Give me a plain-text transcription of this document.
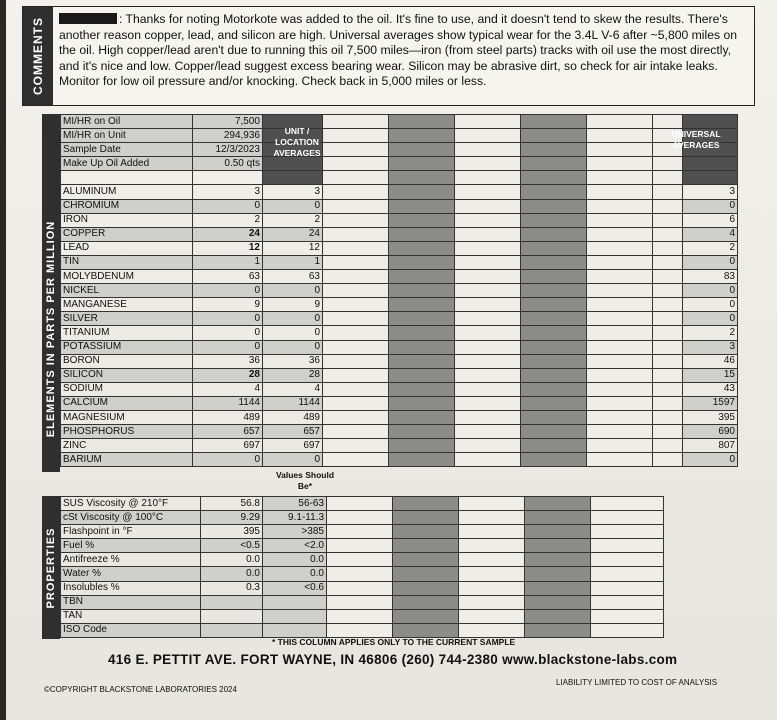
COMMENTS	: Thanks for noting Motorkote was added to the oil. It's fine to use, and it doesn't tend to skew the results. There's another reason copper, lead, and silicon are high. Universal averages show typical wear for the 3.4L V-6 after ~5,800 miles on the oil. High copper/lead aren't due to running this oil 7,500 miles—iron (from steel parts) tracks with oil use the most directly, and it's nice and low. Copper/lead suggest excess bearing wear. Silicon may be abrasive dirt, so check for air intake leaks. Monitor for low oil pressure and/or knocking. Check back in 5,000 miles or less.
ELEMENTS IN PARTS PER MILLION
MI/HR on Oil	7,500								
MI/HR on Unit	294,936								
Sample Date	12/3/2023								
Make Up Oil Added	0.50 qts								

ALUMINUM	3	3							3
CHROMIUM	0	0							0
IRON	2	2							6
COPPER	24	24							4
LEAD	12	12							2
TIN	1	1							0
MOLYBDENUM	63	63							83
NICKEL	0	0							0
MANGANESE	9	9							0
SILVER	0	0							0
TITANIUM	0	0							2
POTASSIUM	0	0							3
BORON	36	36							46
SILICON	28	28							15
SODIUM	4	4							43
CALCIUM	1144	1144							1597
MAGNESIUM	489	489							395
PHOSPHORUS	657	657							690
ZINC	697	697							807
BARIUM	0	0							0
UNIT / LOCATION AVERAGES
UNIVERSAL AVERAGES
Values Should Be*
PROPERTIES
SUS Viscosity @ 210°F	56.8	56-63					
cSt Viscosity @ 100°C	9.29	9.1-11.3					
Flashpoint in °F	395	>385					
Fuel %	<0.5	<2.0					
Antifreeze %	0.0	0.0					
Water %	0.0	0.0					
Insolubles %	0.3	<0.6					
TBN							
TAN							
ISO Code							
* THIS COLUMN APPLIES ONLY TO THE CURRENT SAMPLE
416 E. PETTIT AVE. FORT WAYNE, IN 46806 (260) 744-2380 www.blackstone-labs.com
©COPYRIGHT BLACKSTONE LABORATORIES 2024
LIABILITY LIMITED TO COST OF ANALYSIS
